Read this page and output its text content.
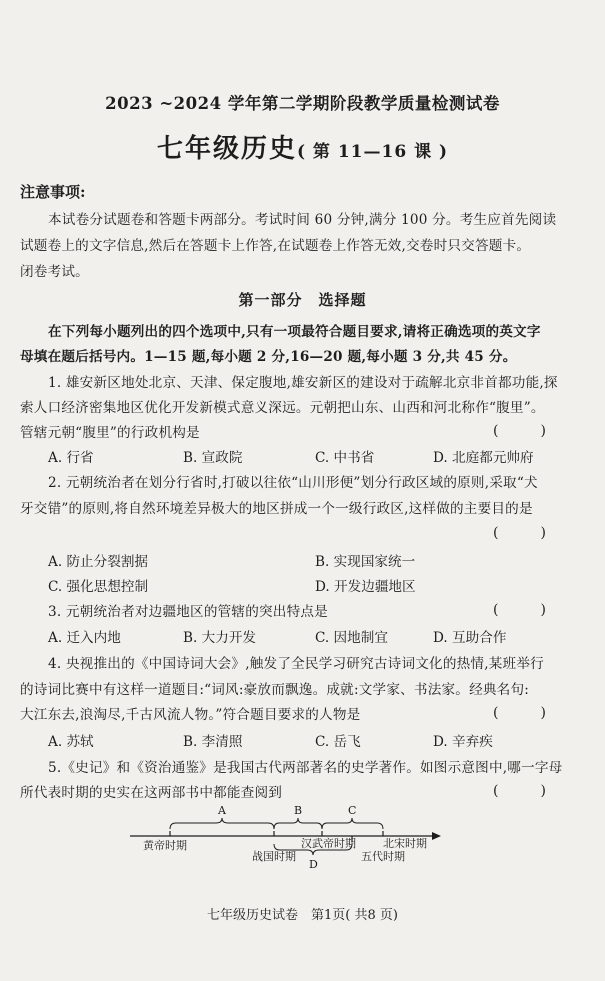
2023 ~2024 学年第二学期阶段教学质量检测试卷
七年级历史( 第 11—16 课 )
注意事项:
本试卷分试题卷和答题卡两部分。考试时间 60 分钟,满分 100 分。考生应首先阅读
试题卷上的文字信息,然后在答题卡上作答,在试题卷上作答无效,交卷时只交答题卡。
闭卷考试。
第一部分　选择题
在下列每小题列出的四个选项中,只有一项最符合题目要求,请将正确选项的英文字
母填在题后括号内。1—15 题,每小题 2 分,16—20 题,每小题 3 分,共 45 分。
1. 雄安新区地处北京、天津、保定腹地,雄安新区的建设对于疏解北京非首都功能,探
索人口经济密集地区优化开发新模式意义深远。元朝把山东、山西和河北称作“腹里”。
管辖元朝“腹里”的行政机构是	(　　　)
A. 行省	B. 宣政院	C. 中书省	D. 北庭都元帅府
2. 元朝统治者在划分行省时,打破以往依“山川形便”划分行政区域的原则,采取“犬
牙交错”的原则,将自然环境差异极大的地区拼成一个一级行政区,这样做的主要目的是
(　　　)
A. 防止分裂割据	B. 实现国家统一
C. 强化思想控制	D. 开发边疆地区
3. 元朝统治者对边疆地区的管辖的突出特点是	(　　　)
A. 迁入内地	B. 大力开发	C. 因地制宜	D. 互助合作
4. 央视推出的《中国诗词大会》,触发了全民学习研究古诗词文化的热情,某班举行
的诗词比赛中有这样一道题目:“词风:豪放而飘逸。成就:文学家、书法家。经典名句:
大江东去,浪淘尽,千古风流人物。”符合题目要求的人物是	(　　　)
A. 苏轼	B. 李清照	C. 岳飞	D. 辛弃疾
5.《史记》和《资治通鉴》是我国古代两部著名的史学著作。如图示意图中,哪一字母
所代表时期的史实在这两部书中都能查阅到	(　　　)
A	B	C
D
黄帝时期
战国时期
汉武帝时期
五代时期
北宋时期
七年级历史试卷　第1页( 共8 页)
